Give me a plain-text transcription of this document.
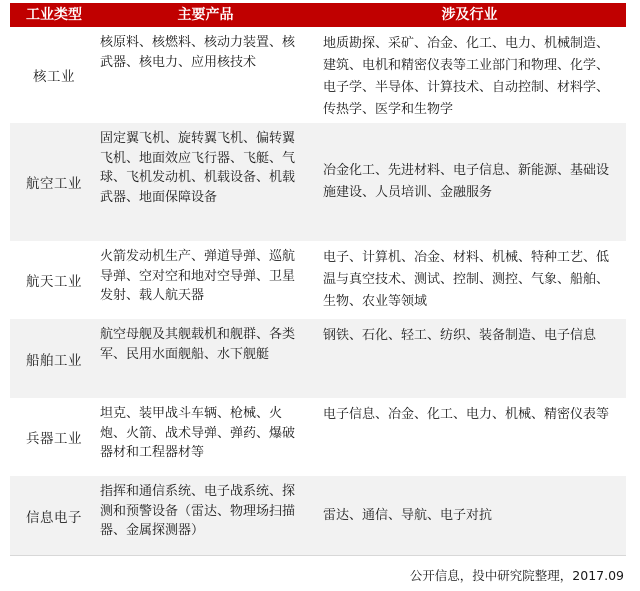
工业类型	主要产品	涉及行业
核工业
核原料、核燃料、核动力装置、核武器、核电力、应用核技术
地质勘探、采矿、冶金、化工、电力、机械制造、建筑、电机和精密仪表等工业部门和物理、化学、电子学、半导体、计算技术、自动控制、材料学、传热学、医学和生物学
航空工业
固定翼飞机、旋转翼飞机、偏转翼飞机、地面效应飞行器、飞艇、气球、飞机发动机、机载设备、机载武器、地面保障设备
冶金化工、先进材料、电子信息、新能源、基础设施建设、人员培训、金融服务
航天工业
火箭发动机生产、弹道导弹、巡航导弹、空对空和地对空导弹、卫星发射、载人航天器
电子、计算机、冶金、材料、机械、特种工艺、低温与真空技术、测试、控制、测控、气象、船舶、生物、农业等领域
船舶工业
航空母舰及其舰载机和舰群、各类军、民用水面舰船、水下舰艇
钢铁、石化、轻工、纺织、装备制造、电子信息
兵器工业
坦克、装甲战斗车辆、枪械、火炮、火箭、战术导弹、弹药、爆破器材和工程器材等
电子信息、冶金、化工、电力、机械、精密仪表等
信息电子
指挥和通信系统、电子战系统、探测和预警设备（雷达、物理场扫描器、金属探测器）
雷达、通信、导航、电子对抗
公开信息，投中研究院整理，2017.09
